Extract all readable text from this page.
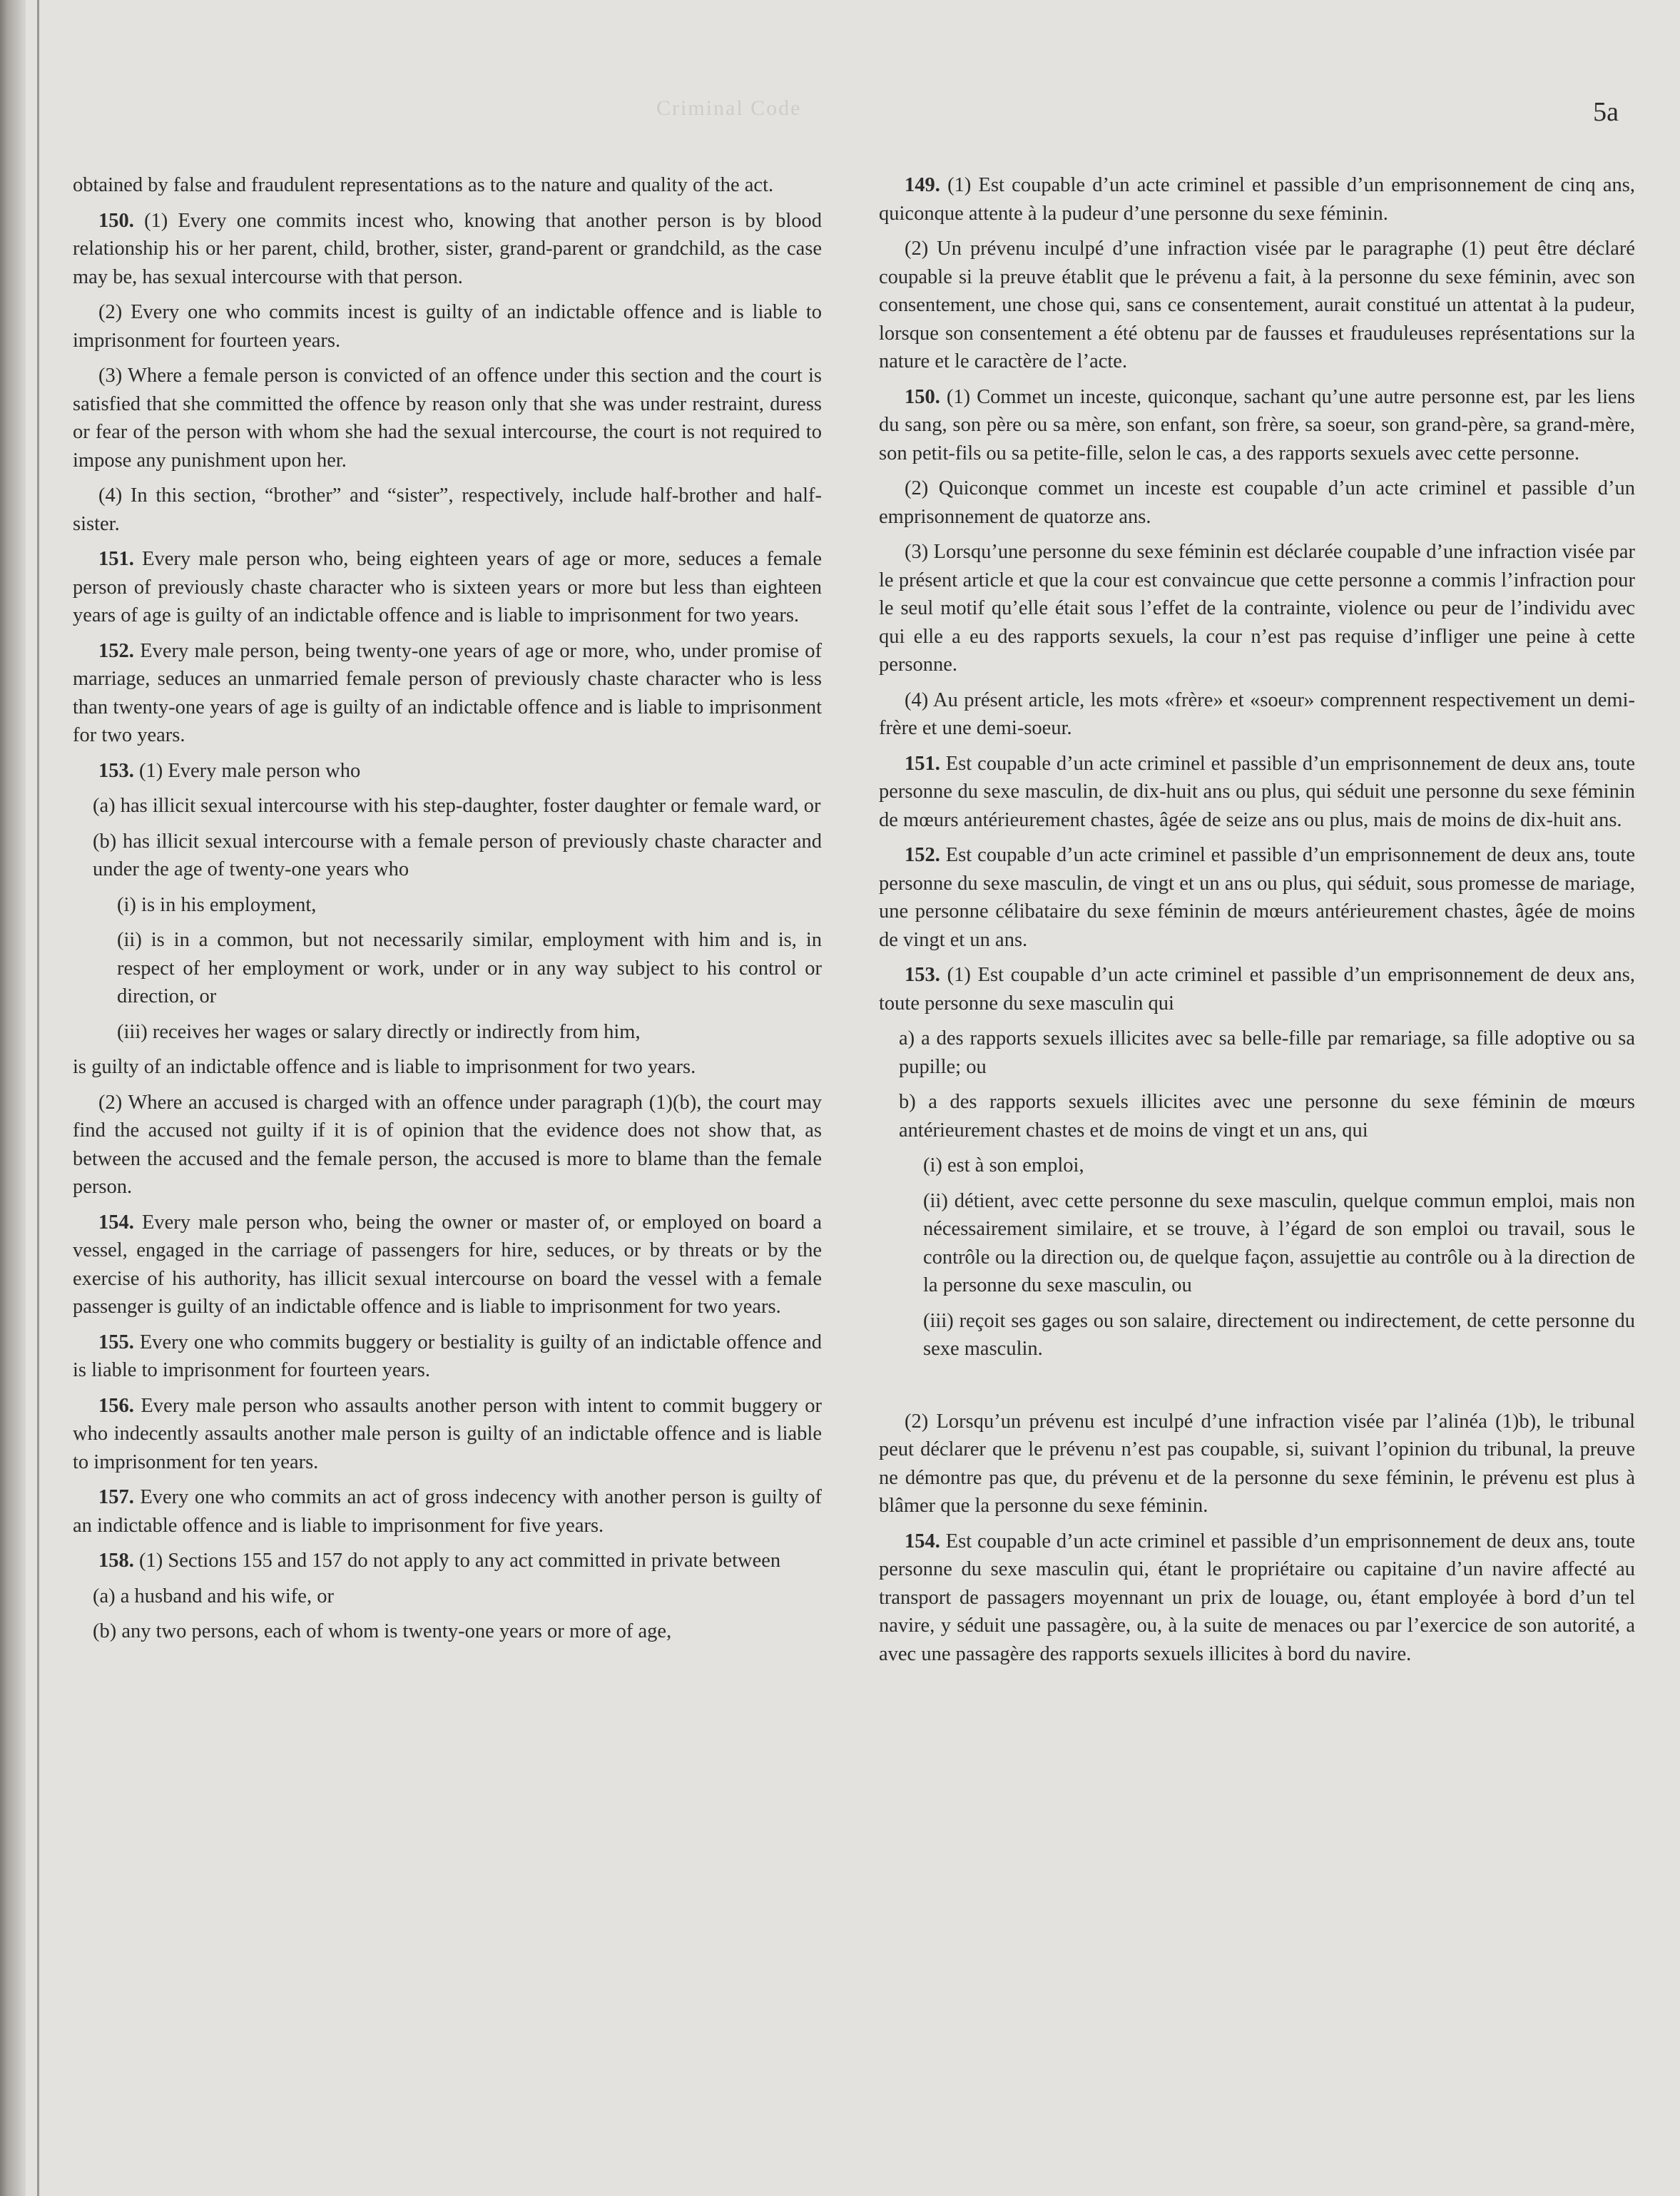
Criminal Code	5a

obtained by false and fraudulent representations as to the nature and quality of the act.

150. (1) Every one commits incest who, knowing that another person is by blood relationship his or her parent, child, brother, sister, grand-parent or grandchild, as the case may be, has sexual intercourse with that person.

(2) Every one who commits incest is guilty of an indictable offence and is liable to imprisonment for fourteen years.

(3) Where a female person is convicted of an offence under this section and the court is satisfied that she committed the offence by reason only that she was under restraint, duress or fear of the person with whom she had the sexual intercourse, the court is not required to impose any punishment upon her.

(4) In this section, “brother” and “sister”, respectively, include half-brother and half-sister.

151. Every male person who, being eighteen years of age or more, seduces a female person of previously chaste character who is sixteen years or more but less than eighteen years of age is guilty of an indictable offence and is liable to imprisonment for two years.

152. Every male person, being twenty-one years of age or more, who, under promise of marriage, seduces an unmarried female person of previously chaste character who is less than twenty-one years of age is guilty of an indictable offence and is liable to imprisonment for two years.

153. (1) Every male person who

(a) has illicit sexual intercourse with his step-daughter, foster daughter or female ward, or

(b) has illicit sexual intercourse with a female person of previously chaste character and under the age of twenty-one years who

(i) is in his employment,

(ii) is in a common, but not necessarily similar, employment with him and is, in respect of her employment or work, under or in any way subject to his control or direction, or

(iii) receives her wages or salary directly or indirectly from him,

is guilty of an indictable offence and is liable to imprisonment for two years.

(2) Where an accused is charged with an offence under paragraph (1)(b), the court may find the accused not guilty if it is of opinion that the evidence does not show that, as between the accused and the female person, the accused is more to blame than the female person.

154. Every male person who, being the owner or master of, or employed on board a vessel, engaged in the carriage of passengers for hire, seduces, or by threats or by the exercise of his authority, has illicit sexual intercourse on board the vessel with a female passenger is guilty of an indictable offence and is liable to imprisonment for two years.

155. Every one who commits buggery or bestiality is guilty of an indictable offence and is liable to imprisonment for fourteen years.

156. Every male person who assaults another person with intent to commit buggery or who indecently assaults another male person is guilty of an indictable offence and is liable to imprisonment for ten years.

157. Every one who commits an act of gross indecency with another person is guilty of an indictable offence and is liable to imprisonment for five years.

158. (1) Sections 155 and 157 do not apply to any act committed in private between

(a) a husband and his wife, or

(b) any two persons, each of whom is twenty-one years or more of age,

149. (1) Est coupable d’un acte criminel et passible d’un emprisonnement de cinq ans, quiconque attente à la pudeur d’une personne du sexe féminin.

(2) Un prévenu inculpé d’une infraction visée par le paragraphe (1) peut être déclaré coupable si la preuve établit que le prévenu a fait, à la personne du sexe féminin, avec son consentement, une chose qui, sans ce consentement, aurait constitué un attentat à la pudeur, lorsque son consentement a été obtenu par de fausses et frauduleuses représentations sur la nature et le caractère de l’acte.

150. (1) Commet un inceste, quiconque, sachant qu’une autre personne est, par les liens du sang, son père ou sa mère, son enfant, son frère, sa soeur, son grand-père, sa grand-mère, son petit-fils ou sa petite-fille, selon le cas, a des rapports sexuels avec cette personne.

(2) Quiconque commet un inceste est coupable d’un acte criminel et passible d’un emprisonnement de quatorze ans.

(3) Lorsqu’une personne du sexe féminin est déclarée coupable d’une infraction visée par le présent article et que la cour est convaincue que cette personne a commis l’infraction pour le seul motif qu’elle était sous l’effet de la contrainte, violence ou peur de l’individu avec qui elle a eu des rapports sexuels, la cour n’est pas requise d’infliger une peine à cette personne.

(4) Au présent article, les mots «frère» et «soeur» comprennent respectivement un demi-frère et une demi-soeur.

151. Est coupable d’un acte criminel et passible d’un emprisonnement de deux ans, toute personne du sexe masculin, de dix-huit ans ou plus, qui séduit une personne du sexe féminin de mœurs antérieurement chastes, âgée de seize ans ou plus, mais de moins de dix-huit ans.

152. Est coupable d’un acte criminel et passible d’un emprisonnement de deux ans, toute personne du sexe masculin, de vingt et un ans ou plus, qui séduit, sous promesse de mariage, une personne célibataire du sexe féminin de mœurs antérieurement chastes, âgée de moins de vingt et un ans.

153. (1) Est coupable d’un acte criminel et passible d’un emprisonnement de deux ans, toute personne du sexe masculin qui

a) a des rapports sexuels illicites avec sa belle-fille par remariage, sa fille adoptive ou sa pupille; ou

b) a des rapports sexuels illicites avec une personne du sexe féminin de mœurs antérieurement chastes et de moins de vingt et un ans, qui

(i) est à son emploi,

(ii) détient, avec cette personne du sexe masculin, quelque commun emploi, mais non nécessairement similaire, et se trouve, à l’égard de son emploi ou travail, sous le contrôle ou la direction ou, de quelque façon, assujettie au contrôle ou à la direction de la personne du sexe masculin, ou

(iii) reçoit ses gages ou son salaire, directement ou indirectement, de cette personne du sexe masculin.

(2) Lorsqu’un prévenu est inculpé d’une infraction visée par l’alinéa (1)b), le tribunal peut déclarer que le prévenu n’est pas coupable, si, suivant l’opinion du tribunal, la preuve ne démontre pas que, du prévenu et de la personne du sexe féminin, le prévenu est plus à blâmer que la personne du sexe féminin.

154. Est coupable d’un acte criminel et passible d’un emprisonnement de deux ans, toute personne du sexe masculin qui, étant le propriétaire ou capitaine d’un navire affecté au transport de passagers moyennant un prix de louage, ou, étant employée à bord d’un tel navire, y séduit une passagère, ou, à la suite de menaces ou par l’exercice de son autorité, a avec une passagère des rapports sexuels illicites à bord du navire.
